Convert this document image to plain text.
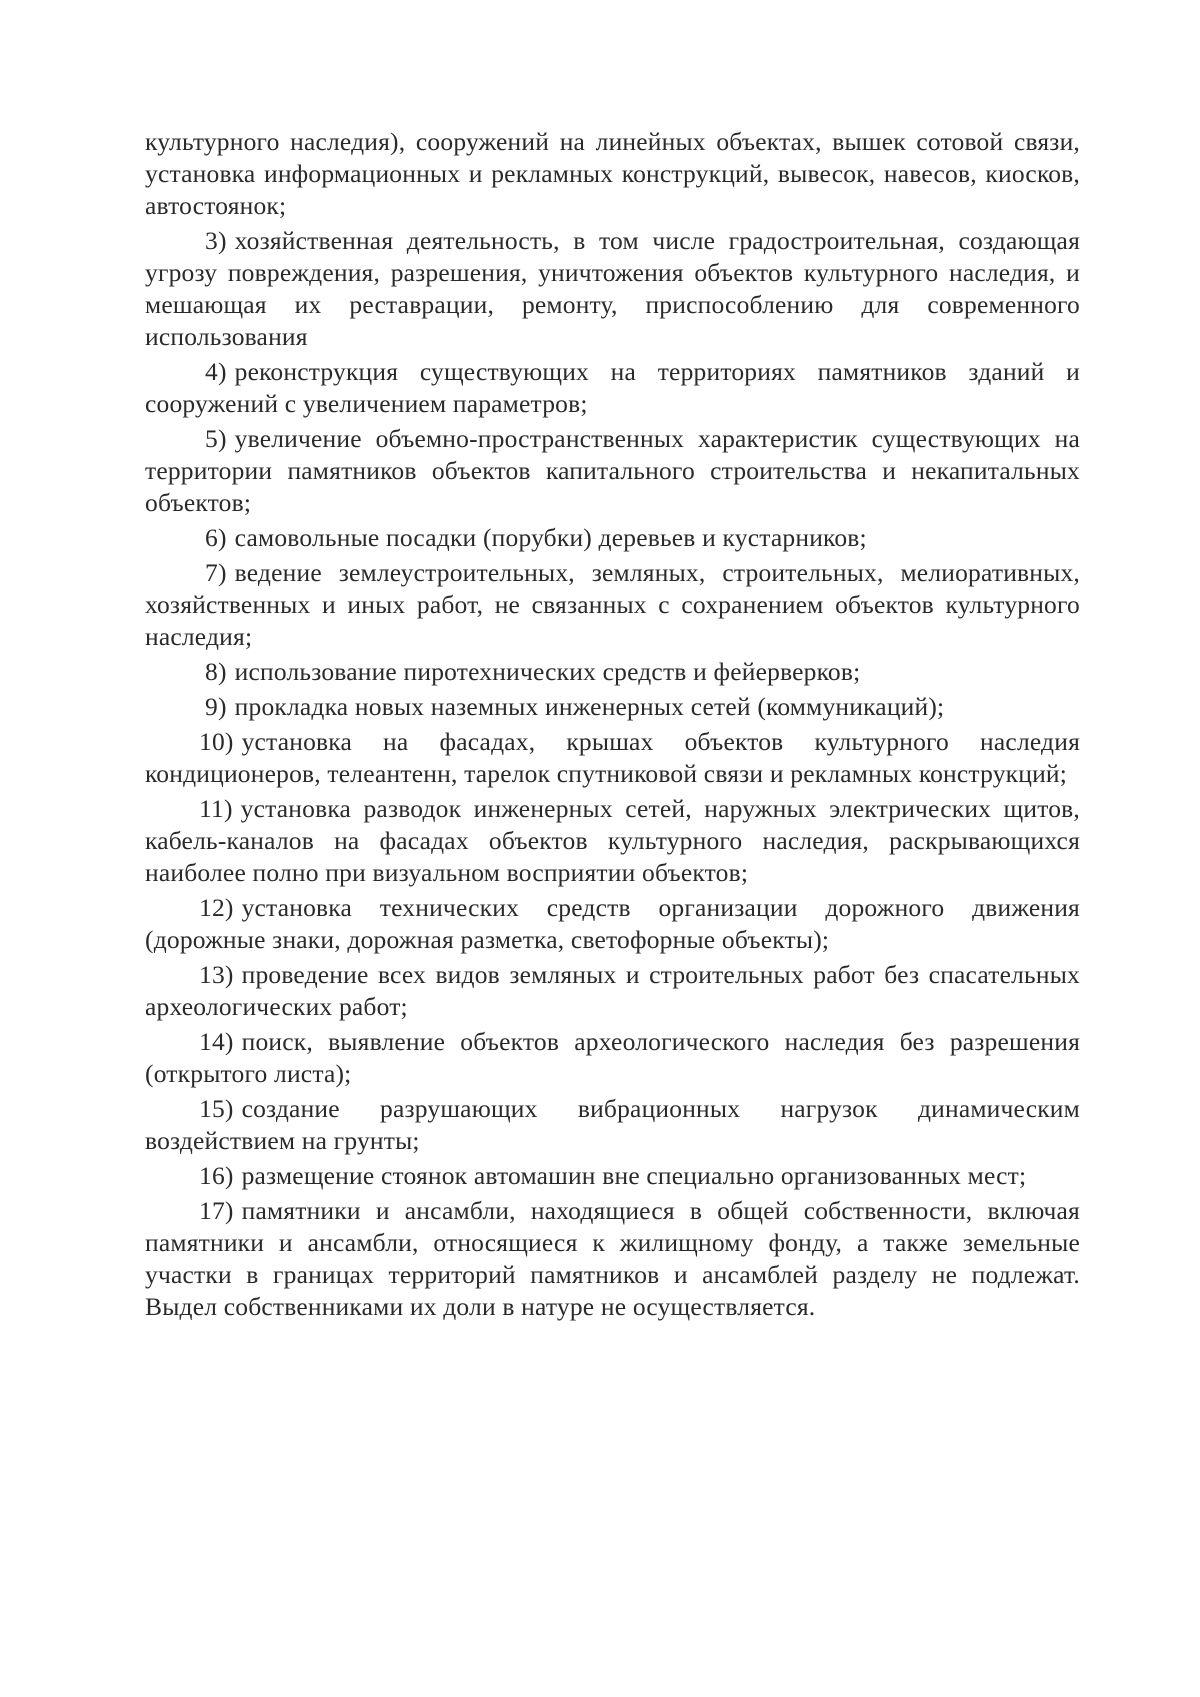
культурного наследия), сооружений на линейных объектах, вышек сотовой связи, установка информационных и рекламных конструкций, вывесок, навесов, киосков, автостоянок;

3) хозяйственная деятельность, в том числе градостроительная, создающая угрозу повреждения, разрешения, уничтожения объектов культурного наследия, и мешающая их реставрации, ремонту, приспособлению для современного использования

4) реконструкция существующих на территориях памятников зданий и сооружений с увеличением параметров;

5) увеличение объемно-пространственных характеристик существующих на территории памятников объектов капитального строительства и некапитальных объектов;

6) самовольные посадки (порубки) деревьев и кустарников;

7) ведение землеустроительных, земляных, строительных, мелиоративных, хозяйственных и иных работ, не связанных с сохранением объектов культурного наследия;

8) использование пиротехнических средств и фейерверков;

9) прокладка новых наземных инженерных сетей (коммуникаций);

10) установка на фасадах, крышах объектов культурного наследия кондиционеров, телеантенн, тарелок спутниковой связи и рекламных конструкций;

11) установка разводок инженерных сетей, наружных электрических щитов, кабель-каналов на фасадах объектов культурного наследия, раскрывающихся наиболее полно при визуальном восприятии объектов;

12) установка технических средств организации дорожного движения (дорожные знаки, дорожная разметка, светофорные объекты);

13) проведение всех видов земляных и строительных работ без спасательных археологических работ;

14) поиск, выявление объектов археологического наследия без разрешения (открытого листа);

15) создание разрушающих вибрационных нагрузок динамическим воздействием на грунты;

16) размещение стоянок автомашин вне специально организованных мест;

17) памятники и ансамбли, находящиеся в общей собственности, включая памятники и ансамбли, относящиеся к жилищному фонду, а также земельные участки в границах территорий памятников и ансамблей разделу не подлежат. Выдел собственниками их доли в натуре не осуществляется.
